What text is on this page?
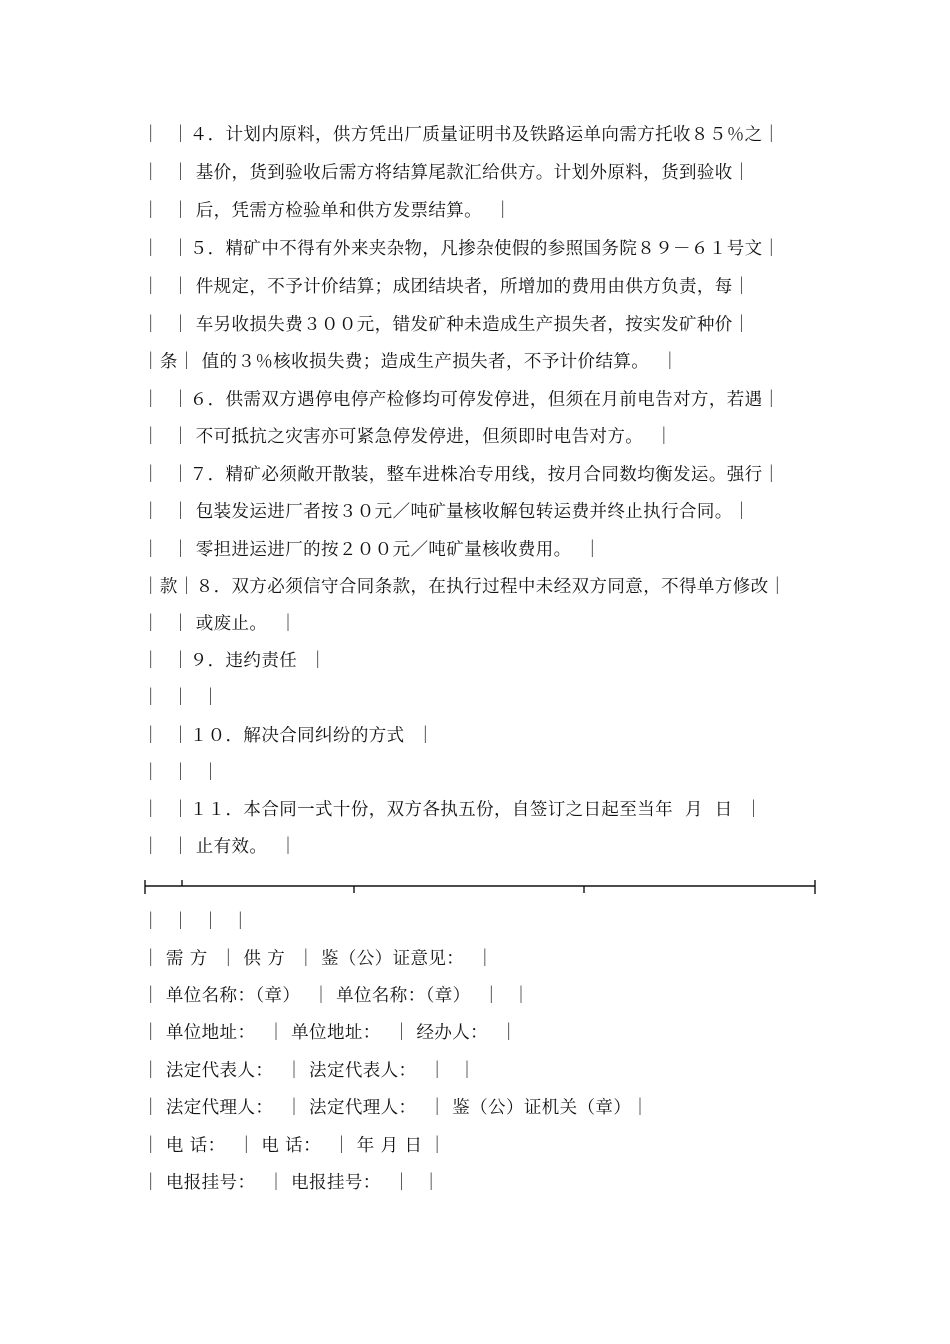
｜  ｜４．计划内原料，供方凭出厂质量证明书及铁路运单向需方托收８５％之｜
｜  ｜ 基价，货到验收后需方将结算尾款汇给供方。计划外原料，货到验收｜
｜  ｜ 后，凭需方检验单和供方发票结算。  ｜
｜  ｜５．精矿中不得有外来夹杂物，凡掺杂使假的参照国务院８９－６１号文｜
｜  ｜ 件规定，不予计价结算；成团结块者，所增加的费用由供方负责，每｜
｜  ｜ 车另收损失费３００元，错发矿种未造成生产损失者，按实发矿种价｜
｜条｜ 值的３％核收损失费；造成生产损失者，不予计价结算。  ｜
｜  ｜６．供需双方遇停电停产检修均可停发停进，但须在月前电告对方，若遇｜
｜  ｜ 不可抵抗之灾害亦可紧急停发停进，但须即时电告对方。  ｜
｜  ｜７．精矿必须敞开散装，整车进株冶专用线，按月合同数均衡发运。强行｜
｜  ｜ 包装发运进厂者按３０元／吨矿量核收解包转运费并终止执行合同。｜
｜  ｜ 零担进运进厂的按２００元／吨矿量核收费用。  ｜
｜款｜８．双方必须信守合同条款，在执行过程中未经双方同意，不得单方修改｜
｜  ｜ 或废止。  ｜
｜  ｜９．违约责任  ｜
｜  ｜  ｜
｜  ｜１０．解决合同纠纷的方式  ｜
｜  ｜  ｜
｜  ｜１１．本合同一式十份，双方各执五份，自签订之日起至当年  月  日  ｜
｜  ｜ 止有效。  ｜
｜  ｜  ｜  ｜
｜ 需 方  ｜ 供 方  ｜ 鉴（公）证意见：  ｜
｜ 单位名称：（章）  ｜ 单位名称：（章）  ｜  ｜
｜ 单位地址：  ｜ 单位地址：  ｜ 经办人：  ｜
｜ 法定代表人：  ｜ 法定代表人：  ｜  ｜
｜ 法定代理人：  ｜ 法定代理人：  ｜ 鉴（公）证机关（章）｜
｜ 电 话：  ｜ 电 话：  ｜ 年 月 日 ｜
｜ 电报挂号：  ｜ 电报挂号：  ｜  ｜
